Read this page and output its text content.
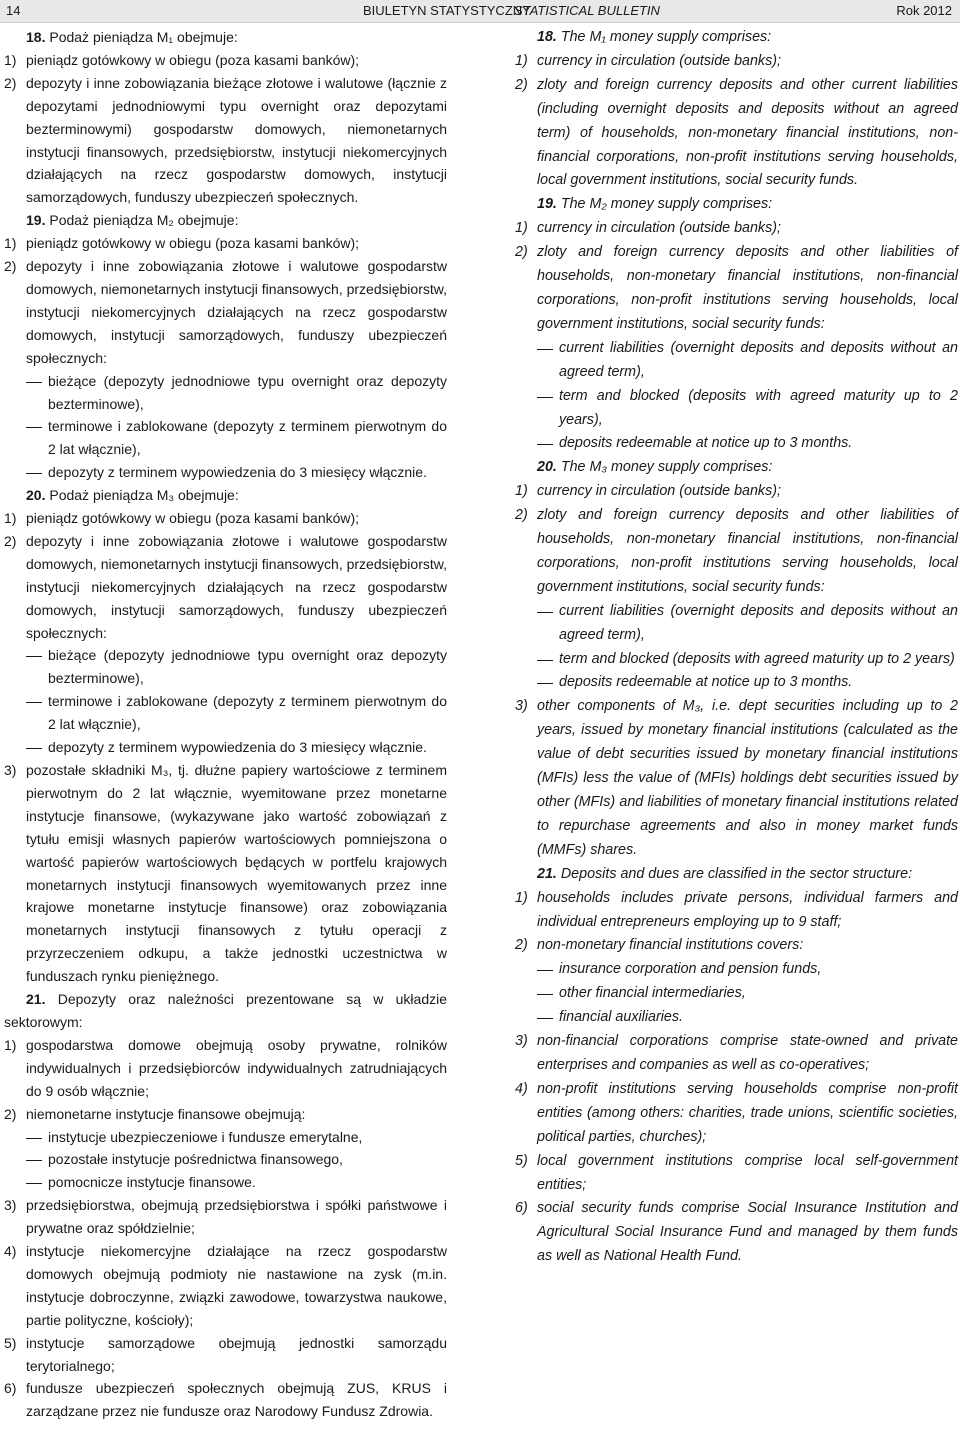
14	BIULETYN STATYSTYCZNY
STATISTICAL BULLETIN	Rok 2012
18. Podaż pieniądza M₁ obejmuje:
1) pieniądz gotówkowy w obiegu (poza kasami banków);
2) depozyty i inne zobowiązania bieżące złotowe i walutowe (łącznie z depozytami jednodniowymi typu overnight oraz depozytami bezterminowymi) gospodarstw domowych, niemonetarnych instytucji finansowych, przedsiębiorstw, instytucji niekomercyjnych działających na rzecz gospodarstw domowych, instytucji samorządowych, funduszy ubezpieczeń społecznych.
19. Podaż pieniądza M₂ obejmuje:
1) pieniądz gotówkowy w obiegu (poza kasami banków);
2) depozyty i inne zobowiązania złotowe i walutowe gospodarstw domowych, niemonetarnych instytucji finansowych, przedsiębiorstw, instytucji niekomercyjnych działających na rzecz gospodarstw domowych, instytucji samorządowych, funduszy ubezpieczeń społecznych:
bieżące (depozyty jednodniowe typu overnight oraz depozyty bezterminowe),
terminowe i zablokowane (depozyty z terminem pierwotnym do 2 lat włącznie),
depozyty z terminem wypowiedzenia do 3 miesięcy włącznie.
20. Podaż pieniądza M₃ obejmuje:
1) pieniądz gotówkowy w obiegu (poza kasami banków);
2) depozyty i inne zobowiązania złotowe i walutowe gospodarstw domowych, niemonetarnych instytucji finansowych, przedsiębiorstw, instytucji niekomercyjnych działających na rzecz gospodarstw domowych, instytucji samorządowych, funduszy ubezpieczeń społecznych:
bieżące (depozyty jednodniowe typu overnight oraz depozyty bezterminowe),
terminowe i zablokowane (depozyty z terminem pierwotnym do 2 lat włącznie),
depozyty z terminem wypowiedzenia do 3 miesięcy włącznie.
3) pozostałe składniki M₃, tj. dłużne papiery wartościowe z terminem pierwotnym do 2 lat włącznie, wyemitowane przez monetarne instytucje finansowe, (wykazywane jako wartość zobowiązań z tytułu emisji własnych papierów wartościowych pomniejszona o wartość papierów wartościowych będących w portfelu krajowych monetarnych instytucji finansowych wyemitowanych przez inne krajowe monetarne instytucje finansowe) oraz zobowiązania monetarnych instytucji finansowych z tytułu operacji z przyrzeczeniem odkupu, a także jednostki uczestnictwa w funduszach rynku pieniężnego.
21. Depozyty oraz należności prezentowane są w układzie sektorowym:
1) gospodarstwa domowe obejmują osoby prywatne, rolników indywidualnych i przedsiębiorców indywidualnych zatrudniających do 9 osób włącznie;
2) niemonetarne instytucje finansowe obejmują:
instytucje ubezpieczeniowe i fundusze emerytalne,
pozostałe instytucje pośrednictwa finansowego,
pomocnicze instytucje finansowe.
3) przedsiębiorstwa, obejmują przedsiębiorstwa i spółki państwowe i prywatne oraz spółdzielnie;
4) instytucje niekomercyjne działające na rzecz gospodarstw domowych obejmują podmioty nie nastawione na zysk (m.in. instytucje dobroczynne, związki zawodowe, towarzystwa naukowe, partie polityczne, kościoły);
5) instytucje samorządowe obejmują jednostki samorządu terytorialnego;
6) fundusze ubezpieczeń społecznych obejmują ZUS, KRUS i zarządzane przez nie fundusze oraz Narodowy Fundusz Zdrowia.
18. The M₁ money supply comprises:
1) currency in circulation (outside banks);
2) zloty and foreign currency deposits and other current liabilities (including overnight deposits and deposits without an agreed term) of households, non-monetary financial institutions, non-financial corporations, non-profit institutions serving households, local government institutions, social security funds.
19. The M₂ money supply comprises:
1) currency in circulation (outside banks);
2) zloty and foreign currency deposits and other liabilities of households, non-monetary financial institutions, non-financial corporations, non-profit institutions serving households, local government institutions, social security funds:
current liabilities (overnight deposits and deposits without an agreed term),
term and blocked (deposits with agreed maturity up to 2 years),
deposits redeemable at notice up to 3 months.
20. The M₃ money supply comprises:
1) currency in circulation (outside banks);
2) zloty and foreign currency deposits and other liabilities of households, non-monetary financial institutions, non-financial corporations, non-profit institutions serving households, local government institutions, social security funds:
current liabilities (overnight deposits and deposits without an agreed term),
term and blocked (deposits with agreed maturity up to 2 years)
deposits redeemable at notice up to 3 months.
3) other components of M₃, i.e. dept securities including up to 2 years, issued by monetary financial institutions (calculated as the value of debt securities issued by monetary financial institutions (MFIs) less the value of (MFIs) holdings debt securities issued by other (MFIs) and liabilities of monetary financial institutions related to repurchase agreements and also in money market funds (MMFs) shares.
21. Deposits and dues are classified in the sector structure:
1) households includes private persons, individual farmers and individual entrepreneurs employing up to 9 staff;
2) non-monetary financial institutions covers:
insurance corporation and pension funds,
other financial intermediaries,
financial auxiliaries.
3) non-financial corporations comprise state-owned and private enterprises and companies as well as co-operatives;
4) non-profit institutions serving households comprise non-profit entities (among others: charities, trade unions, scientific societies, political parties, churches);
5) local government institutions comprise local self-government entities;
6) social security funds comprise Social Insurance Institution and Agricultural Social Insurance Fund and managed by them funds as well as National Health Fund.
